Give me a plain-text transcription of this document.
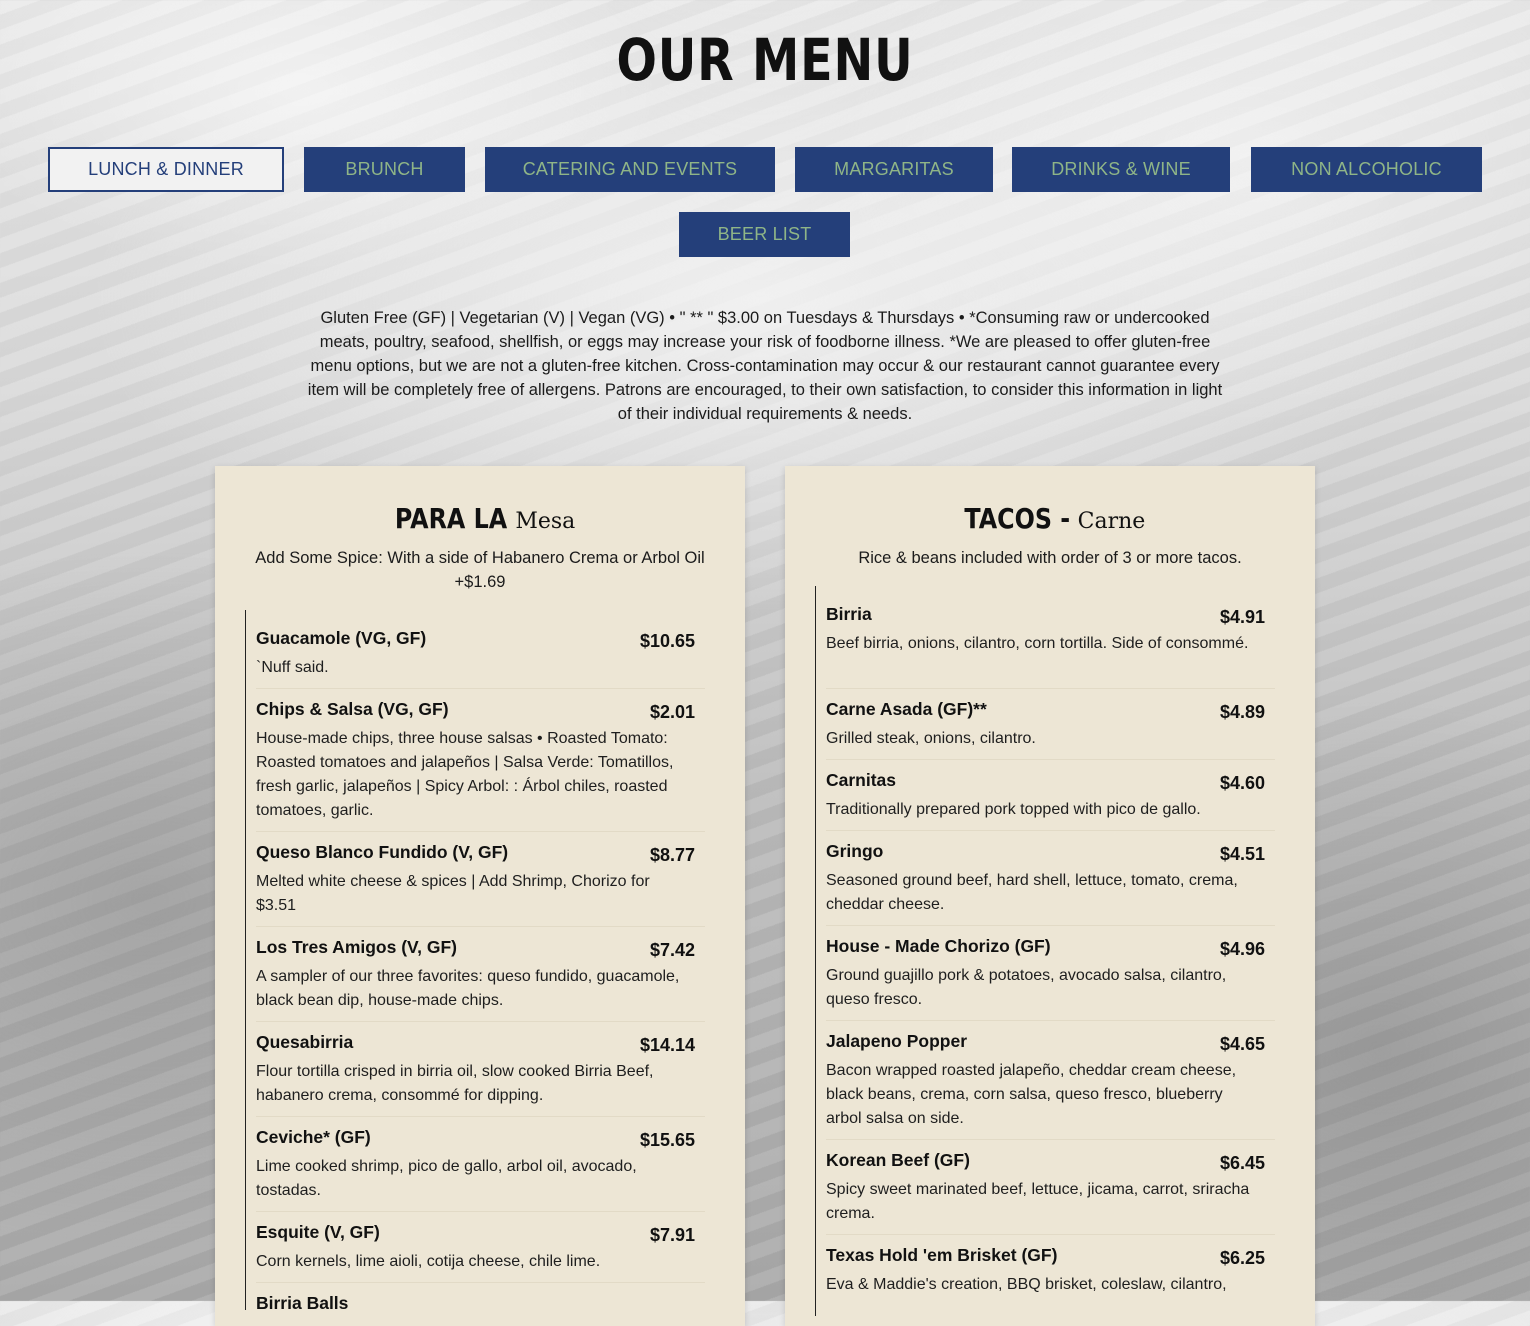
OUR MENU
LUNCH & DINNER	BRUNCH	CATERING AND EVENTS	MARGARITAS	DRINKS & WINE	NON ALCOHOLIC
BEER LIST
Gluten Free (GF) | Vegetarian (V) | Vegan (VG) • " ** " $3.00 on Tuesdays & Thursdays • *Consuming raw or undercooked meats, poultry, seafood, shellfish, or eggs may increase your risk of foodborne illness. *We are pleased to offer gluten-free menu options, but we are not a gluten-free kitchen. Cross-contamination may occur & our restaurant cannot guarantee every item will be completely free of allergens. Patrons are encouraged, to their own satisfaction, to consider this information in light of their individual requirements & needs.
PARA LA Mesa
Add Some Spice: With a side of Habanero Crema or Arbol Oil +$1.69
Guacamole (VG, GF)	$10.65
`Nuff said.
Chips & Salsa (VG, GF)	$2.01
House-made chips, three house salsas • Roasted Tomato: Roasted tomatoes and jalapeños | Salsa Verde: Tomatillos, fresh garlic, jalapeños | Spicy Arbol: : Árbol chiles, roasted tomatoes, garlic.
Queso Blanco Fundido (V, GF)	$8.77
Melted white cheese & spices | Add Shrimp, Chorizo for $3.51
Los Tres Amigos (V, GF)	$7.42
A sampler of our three favorites: queso fundido, guacamole, black bean dip, house-made chips.
Quesabirria	$14.14
Flour tortilla crisped in birria oil, slow cooked Birria Beef, habanero crema, consommé for dipping.
Ceviche* (GF)	$15.65
Lime cooked shrimp, pico de gallo, arbol oil, avocado, tostadas.
Esquite (V, GF)	$7.91
Corn kernels, lime aioli, cotija cheese, chile lime.
Birria Balls
TACOS - Carne
Rice & beans included with order of 3 or more tacos.
Birria	$4.91
Beef birria, onions, cilantro, corn tortilla. Side of consommé.
Carne Asada (GF)**	$4.89
Grilled steak, onions, cilantro.
Carnitas	$4.60
Traditionally prepared pork topped with pico de gallo.
Gringo	$4.51
Seasoned ground beef, hard shell, lettuce, tomato, crema, cheddar cheese.
House - Made Chorizo (GF)	$4.96
Ground guajillo pork & potatoes, avocado salsa, cilantro, queso fresco.
Jalapeno Popper	$4.65
Bacon wrapped roasted jalapeño, cheddar cream cheese, black beans, crema, corn salsa, queso fresco, blueberry arbol salsa on side.
Korean Beef (GF)	$6.45
Spicy sweet marinated beef, lettuce, jicama, carrot, sriracha crema.
Texas Hold 'em Brisket (GF)	$6.25
Eva & Maddie's creation, BBQ brisket, coleslaw, cilantro,
